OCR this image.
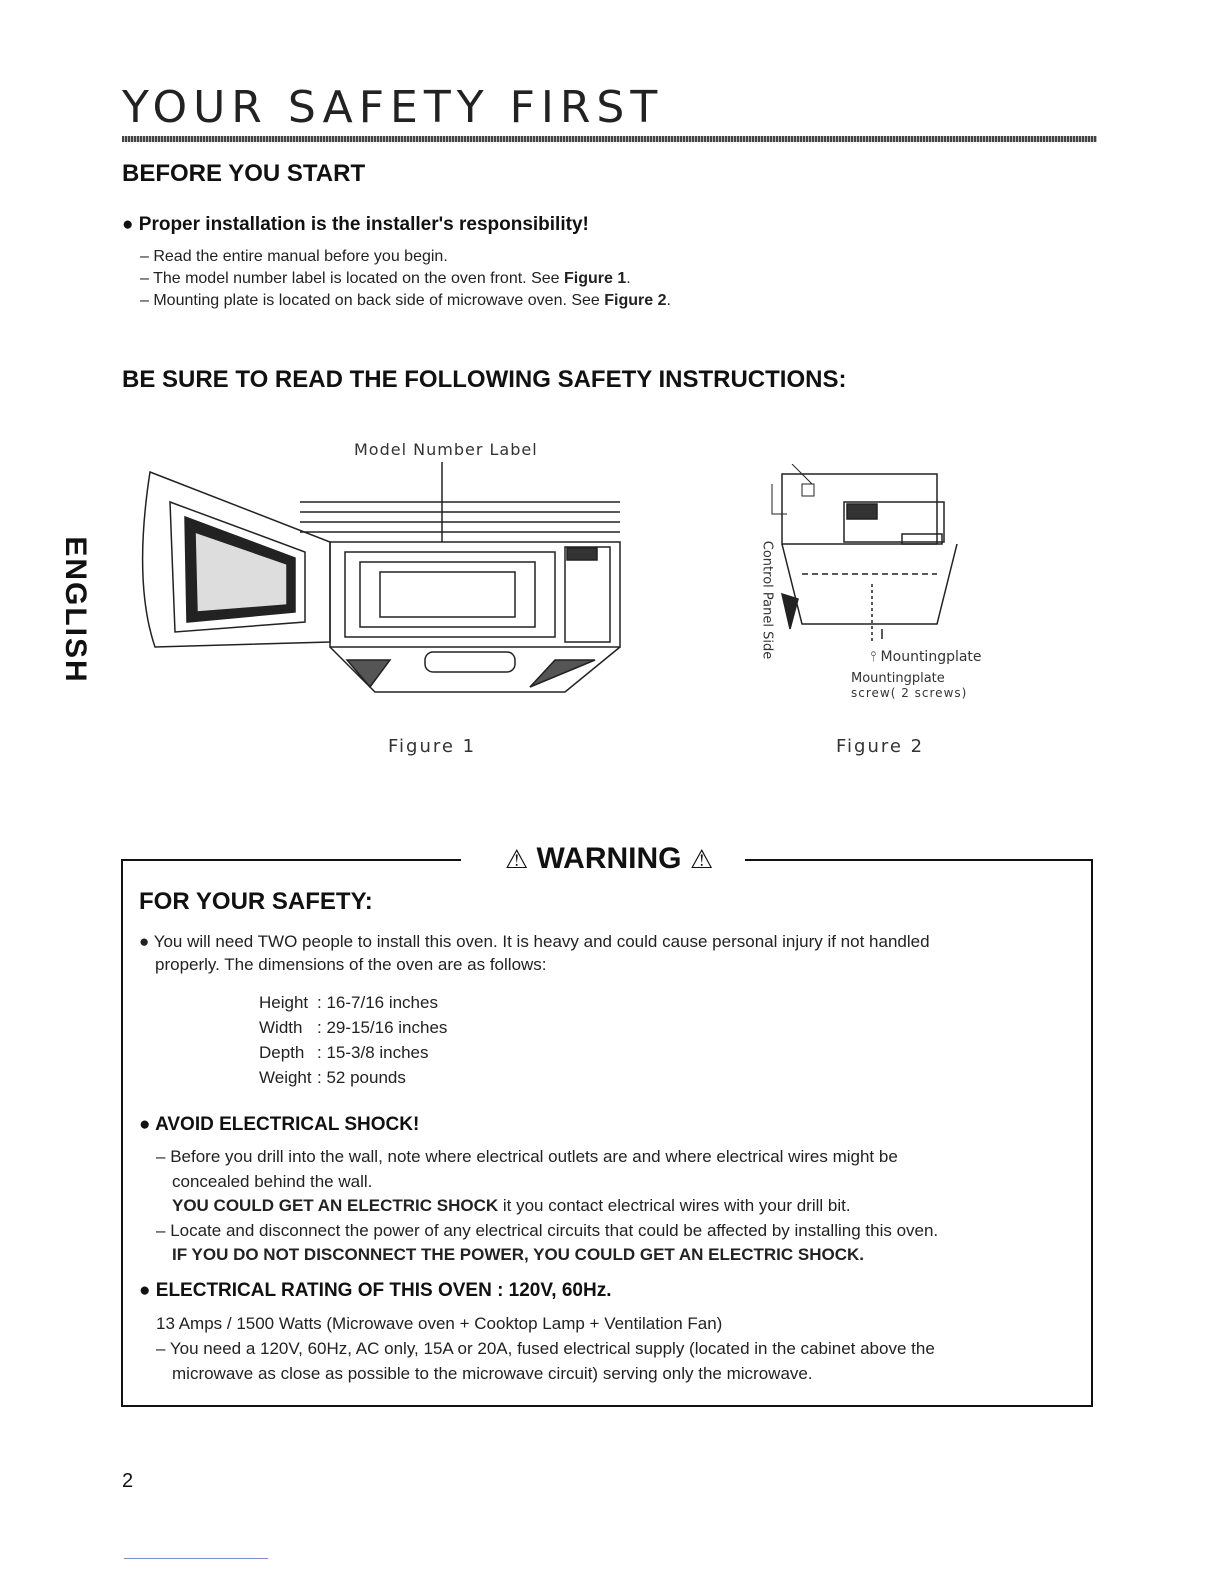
YOUR SAFETY FIRST
ENGLISH
BEFORE YOU START
● Proper installation is the installer's responsibility!
– Read the entire manual before you begin.
– The model number label is located on the oven front. See Figure 1.
– Mounting plate is located on back side of microwave oven. See Figure 2.
BE SURE TO READ THE FOLLOWING SAFETY INSTRUCTIONS:
Model Number Label
Figure 1
Control Panel Side	⫯ Mountingplate
Mountingplate
screw( 2 screws)
Figure 2
⚠ WARNING ⚠
FOR YOUR SAFETY:
● You will need TWO people to install this oven. It is heavy and could cause personal injury if not handled
properly. The dimensions of the oven are as follows:
Height : 16-7/16 inches
Width : 29-15/16 inches
Depth : 15-3/8 inches
Weight : 52 pounds
● AVOID ELECTRICAL SHOCK!
– Before you drill into the wall, note where electrical outlets are and where electrical wires might be
concealed behind the wall.
YOU COULD GET AN ELECTRIC SHOCK it you contact electrical wires with your drill bit.
– Locate and disconnect the power of any electrical circuits that could be affected by installing this oven.
IF YOU DO NOT DISCONNECT THE POWER, YOU COULD GET AN ELECTRIC SHOCK.
● ELECTRICAL RATING OF THIS OVEN : 120V, 60Hz.
13 Amps / 1500 Watts (Microwave oven + Cooktop Lamp + Ventilation Fan)
– You need a 120V, 60Hz, AC only, 15A or 20A, fused electrical supply (located in the cabinet above the
microwave as close as possible to the microwave circuit) serving only the microwave.
2
